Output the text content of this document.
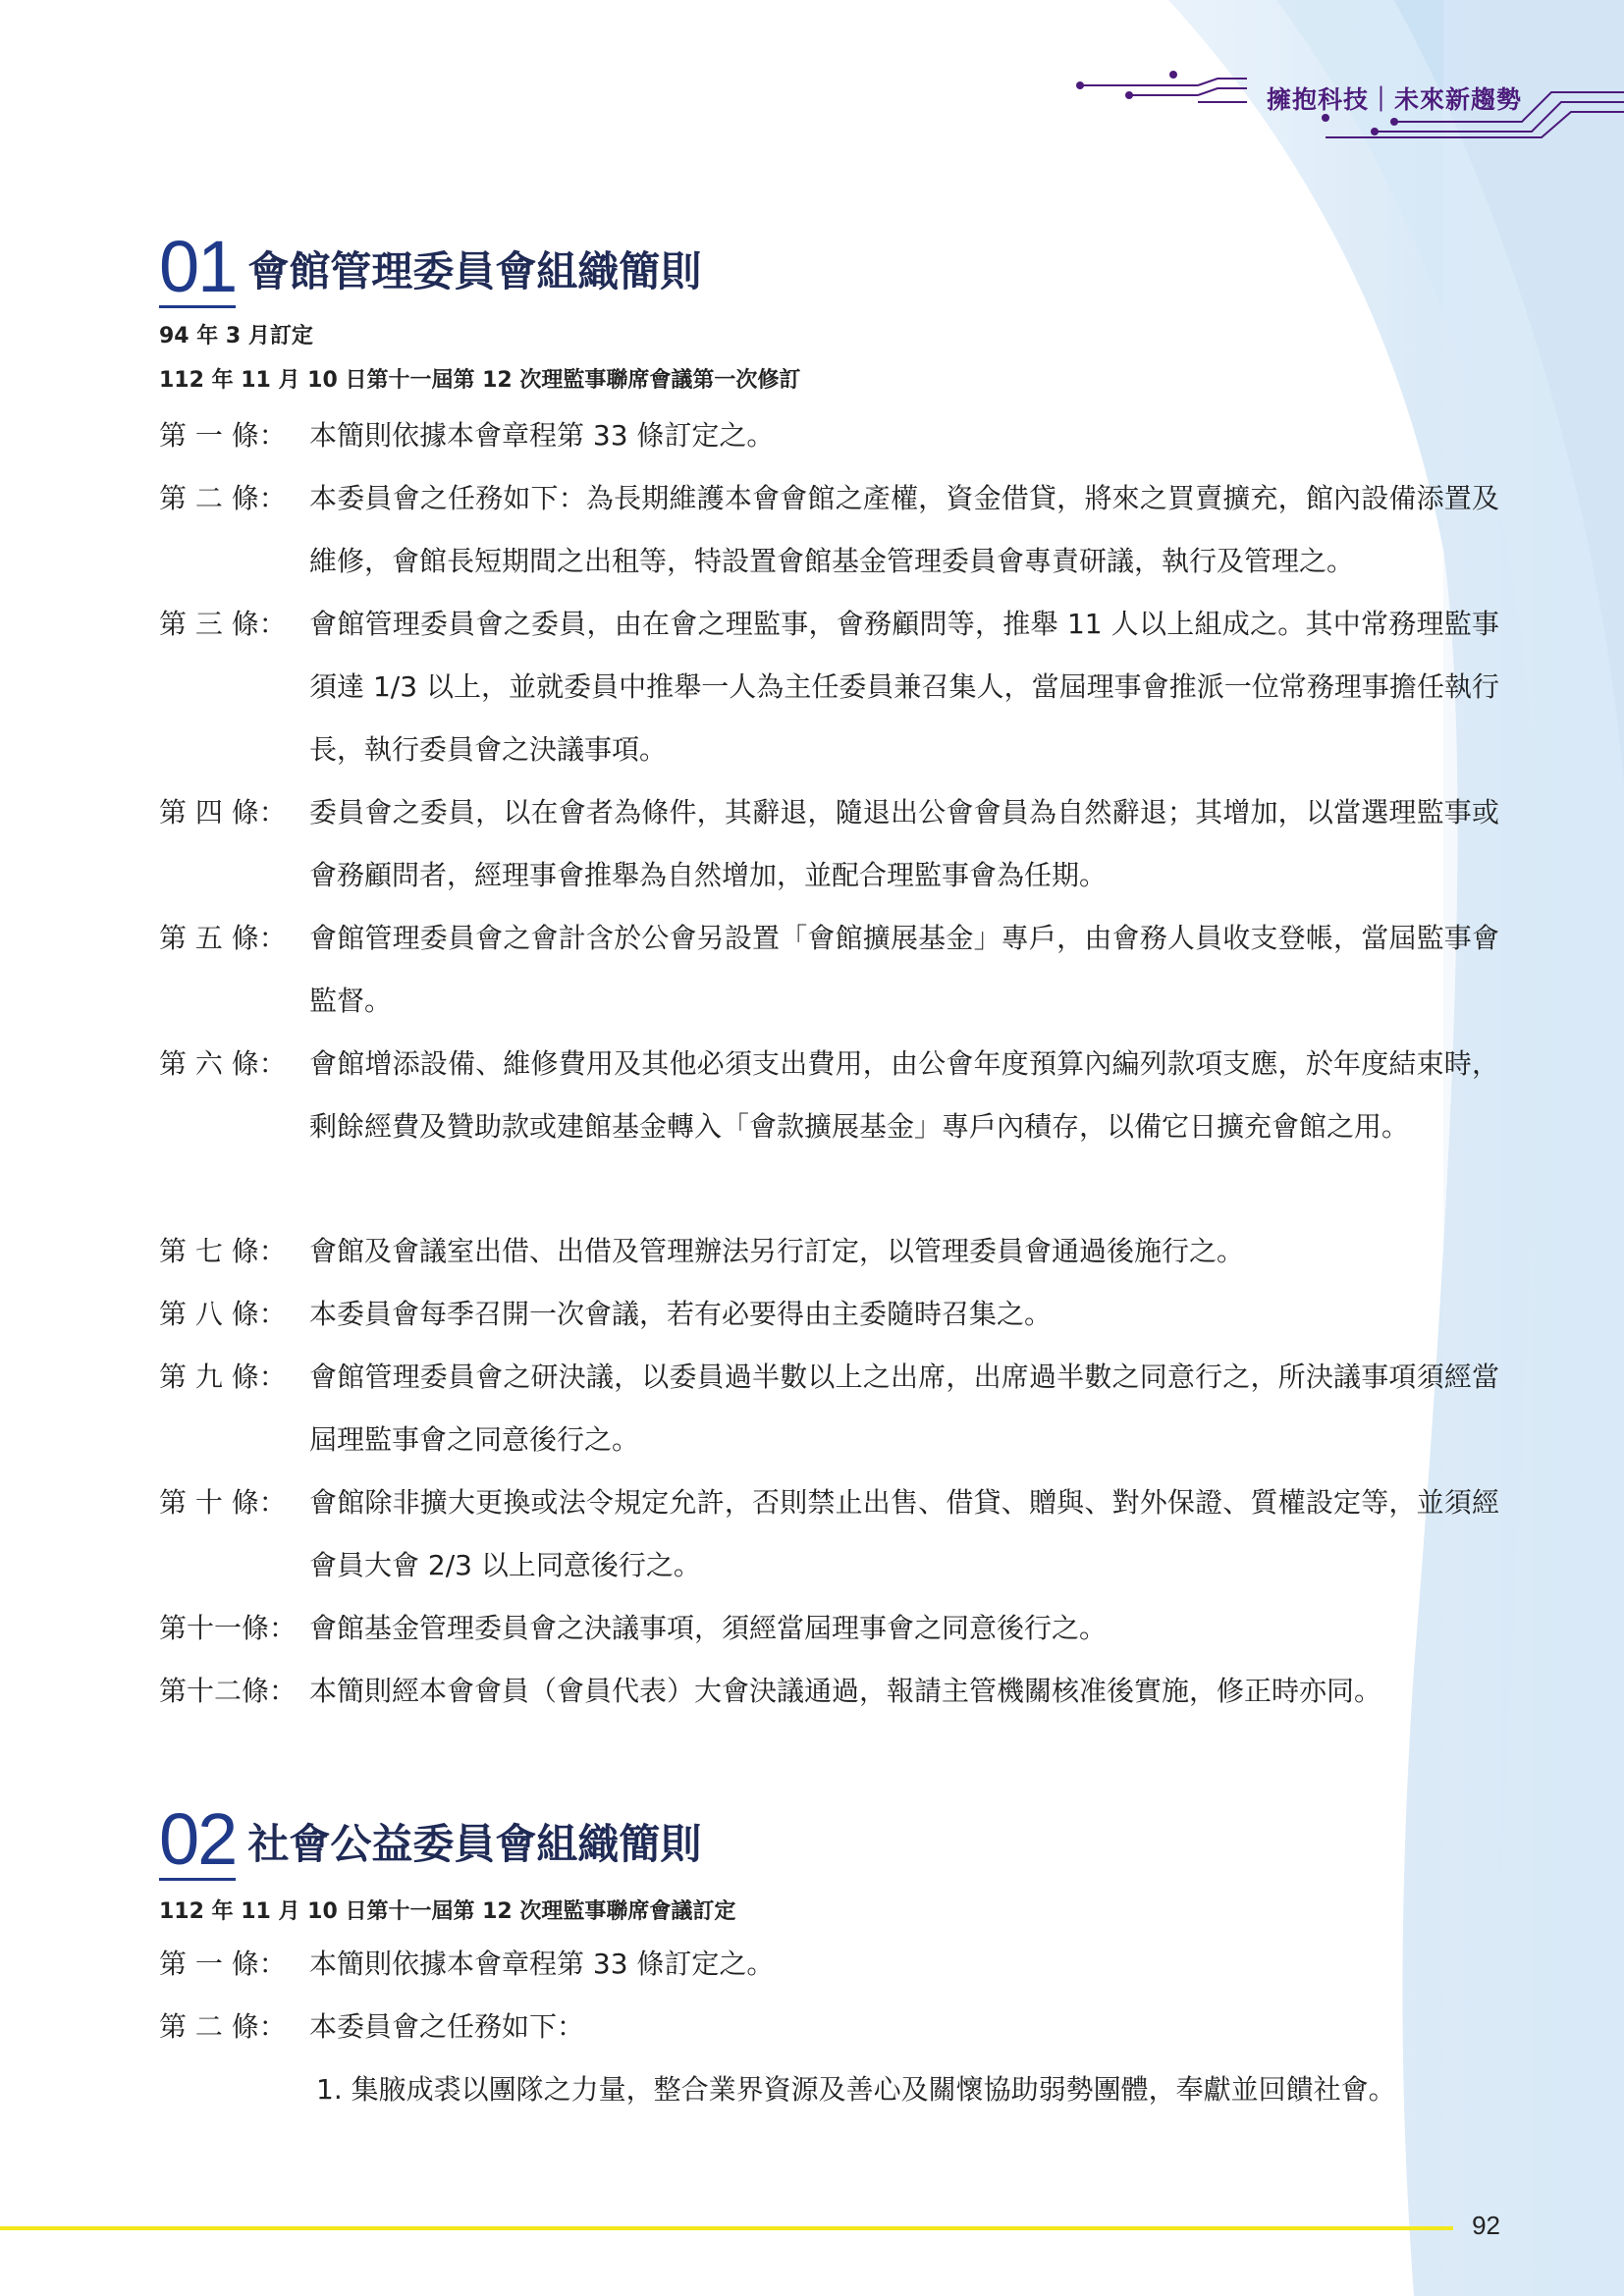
擁抱科技｜未來新趨勢
01 會館管理委員會組織簡則
94 年 3 月訂定
112 年 11 月 10 日第十一屆第 12 次理監事聯席會議第一次修訂
第 一 條： 本簡則依據本會章程第 33 條訂定之。
第 二 條： 本委員會之任務如下：為長期維護本會會館之產權，資金借貸，將來之買賣擴充，館內設備添置及維修，會館長短期間之出租等，特設置會館基金管理委員會專責研議，執行及管理之。
第 三 條： 會館管理委員會之委員，由在會之理監事，會務顧問等，推舉 11 人以上組成之。其中常務理監事須達 1/3 以上，並就委員中推舉一人為主任委員兼召集人，當屆理事會推派一位常務理事擔任執行長，執行委員會之決議事項。
第 四 條： 委員會之委員，以在會者為條件，其辭退，隨退出公會會員為自然辭退；其增加，以當選理監事或會務顧問者，經理事會推舉為自然增加，並配合理監事會為任期。
第 五 條： 會館管理委員會之會計含於公會另設置「會館擴展基金」專戶，由會務人員收支登帳，當屆監事會監督。
第 六 條： 會館增添設備、維修費用及其他必須支出費用，由公會年度預算內編列款項支應，於年度結束時，剩餘經費及贊助款或建館基金轉入「會款擴展基金」專戶內積存，以備它日擴充會館之用。
第 七 條： 會館及會議室出借、出借及管理辦法另行訂定，以管理委員會通過後施行之。
第 八 條： 本委員會每季召開一次會議，若有必要得由主委隨時召集之。
第 九 條： 會館管理委員會之研決議，以委員過半數以上之出席，出席過半數之同意行之，所決議事項須經當屆理監事會之同意後行之。
第 十 條： 會館除非擴大更換或法令規定允許，否則禁止出售、借貸、贈與、對外保證、質權設定等，並須經會員大會 2/3 以上同意後行之。
第十一條： 會館基金管理委員會之決議事項，須經當屆理事會之同意後行之。
第十二條： 本簡則經本會會員（會員代表）大會決議通過，報請主管機關核准後實施，修正時亦同。
02 社會公益委員會組織簡則
112 年 11 月 10 日第十一屆第 12 次理監事聯席會議訂定
第 一 條： 本簡則依據本會章程第 33 條訂定之。
第 二 條： 本委員會之任務如下：
1. 集腋成裘以團隊之力量，整合業界資源及善心及關懷協助弱勢團體，奉獻並回饋社會。
92
